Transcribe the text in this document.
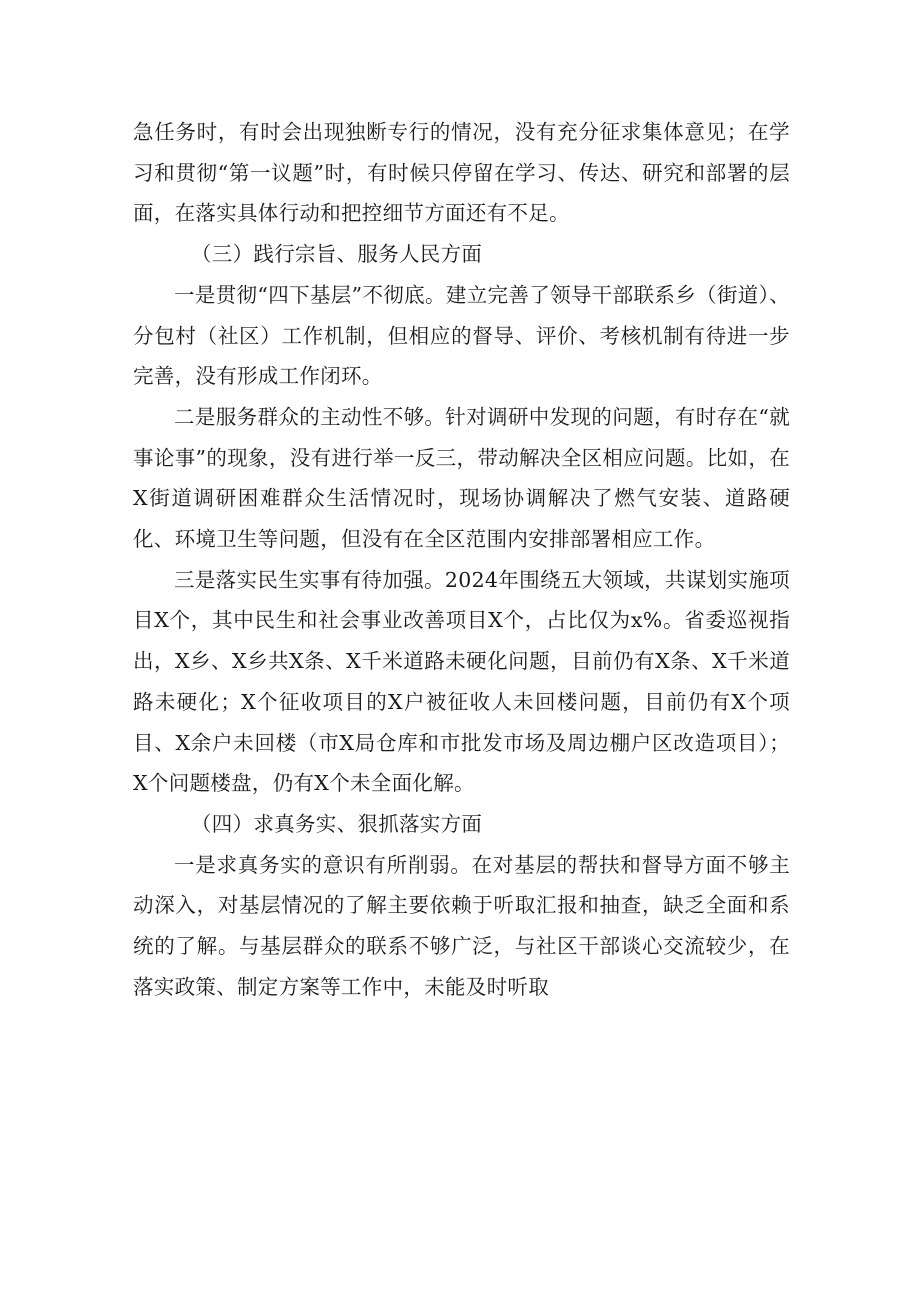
急任务时，有时会出现独断专行的情况，没有充分征求集体意见；在学习和贯彻“第一议题”时，有时候只停留在学习、传达、研究和部署的层面，在落实具体行动和把控细节方面还有不足。

（三）践行宗旨、服务人民方面

一是贯彻“四下基层”不彻底。建立完善了领导干部联系乡（街道）、分包村（社区）工作机制，但相应的督导、评价、考核机制有待进一步完善，没有形成工作闭环。

二是服务群众的主动性不够。针对调研中发现的问题，有时存在“就事论事”的现象，没有进行举一反三，带动解决全区相应问题。比如，在X街道调研困难群众生活情况时，现场协调解决了燃气安装、道路硬化、环境卫生等问题，但没有在全区范围内安排部署相应工作。

三是落实民生实事有待加强。2024年围绕五大领域，共谋划实施项目X个，其中民生和社会事业改善项目X个，占比仅为x%。省委巡视指出，X乡、X乡共X条、X千米道路未硬化问题，目前仍有X条、X千米道路未硬化；X个征收项目的X户被征收人未回楼问题，目前仍有X个项目、X余户未回楼（市X局仓库和市批发市场及周边棚户区改造项目）；X个问题楼盘，仍有X个未全面化解。

（四）求真务实、狠抓落实方面

一是求真务实的意识有所削弱。在对基层的帮扶和督导方面不够主动深入，对基层情况的了解主要依赖于听取汇报和抽查，缺乏全面和系统的了解。与基层群众的联系不够广泛，与社区干部谈心交流较少，在落实政策、制定方案等工作中，未能及时听取
